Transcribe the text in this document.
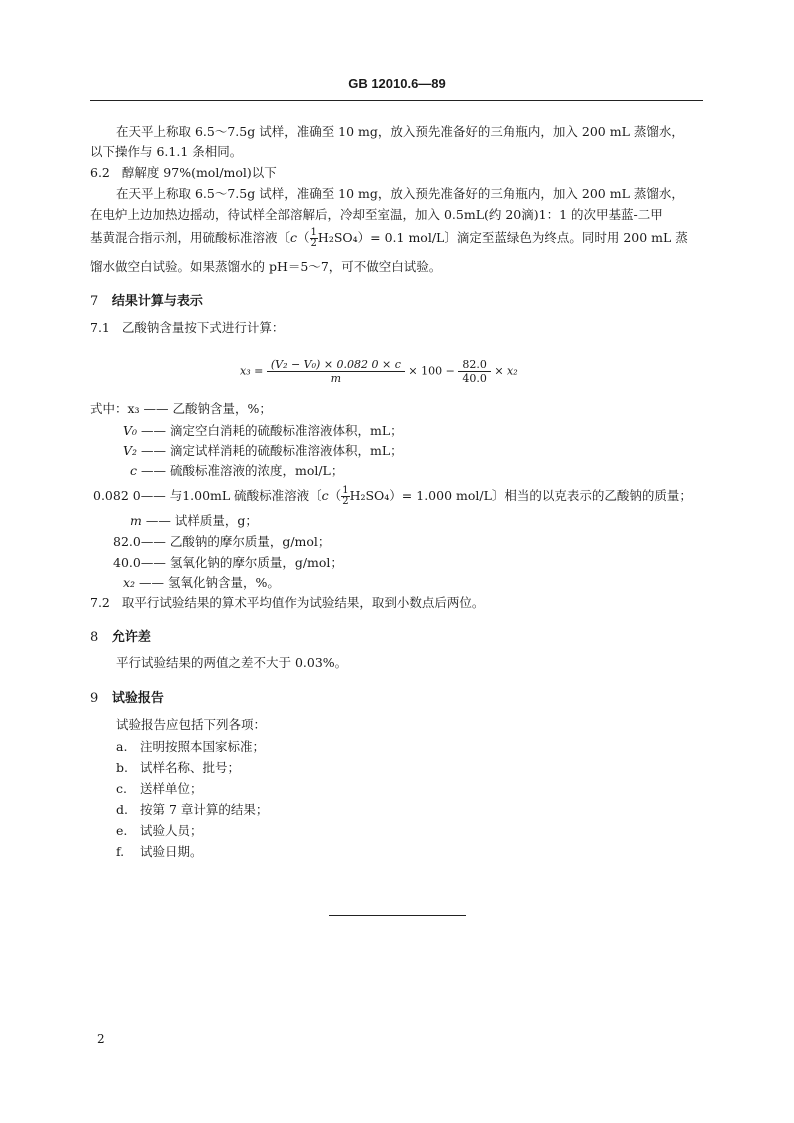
GB 12010.6—89
在天平上称取 6.5～7.5g 试样，准确至 10 mg，放入预先准备好的三角瓶内，加入 200 mL 蒸馏水，
以下操作与 6.1.1 条相同。
6.2 醇解度 97%(mol/mol)以下
在天平上称取 6.5～7.5g 试样，准确至 10 mg，放入预先准备好的三角瓶内，加入 200 mL 蒸馏水，
在电炉上边加热边摇动，待试样全部溶解后，冷却至室温，加入 0.5mL(约 20滴)1：1 的次甲基蓝-二甲
基黄混合指示剂，用硫酸标准溶液〔$c( \frac{1}{2} H_2SO_4)= 0.1$ mol/L〕滴定至蓝绿色为终点。同时用 200 mL 蒸
馏水做空白试验。如果蒸馏水的 pH＝5～7，可不做空白试验。
7 结果计算与表示
7.1 乙酸钠含量按下式进行计算：
$x_3 = \frac{\text{(V₂ − V₀) × 0.082 0 × c}}{m} \times 100 - \frac{82.0}{40.0} \times x_2$
式中：x₃ —— 乙酸钠含量，%；
V₀ —— 滴定空白消耗的硫酸标准溶液体积，mL；
V₂ —— 滴定试样消耗的硫酸标准溶液体积，mL；
c —— 硫酸标准溶液的浓度，mol/L；
0.082 0—— 与1.00mL 硫酸标准溶液〔$c( \frac{1}{2} H_2SO_4)= 1.000$ mol/L〕相当的以克表示的乙酸钠的质量；
m —— 试样质量，g；
82.0—— 乙酸钠的摩尔质量，g/mol；
40.0—— 氢氧化钠的摩尔质量，g/mol；
x₂ —— 氢氧化钠含量，%。
7.2 取平行试验结果的算术平均值作为试验结果，取到小数点后两位。
8 允许差
平行试验结果的两值之差不大于 0.03%。
9 试验报告
试验报告应包括下列各项：
a. 注明按照本国家标准；
b. 试样名称、批号；
c. 送样单位；
d. 按第 7 章计算的结果；
e. 试验人员；
f. 试验日期。
2
